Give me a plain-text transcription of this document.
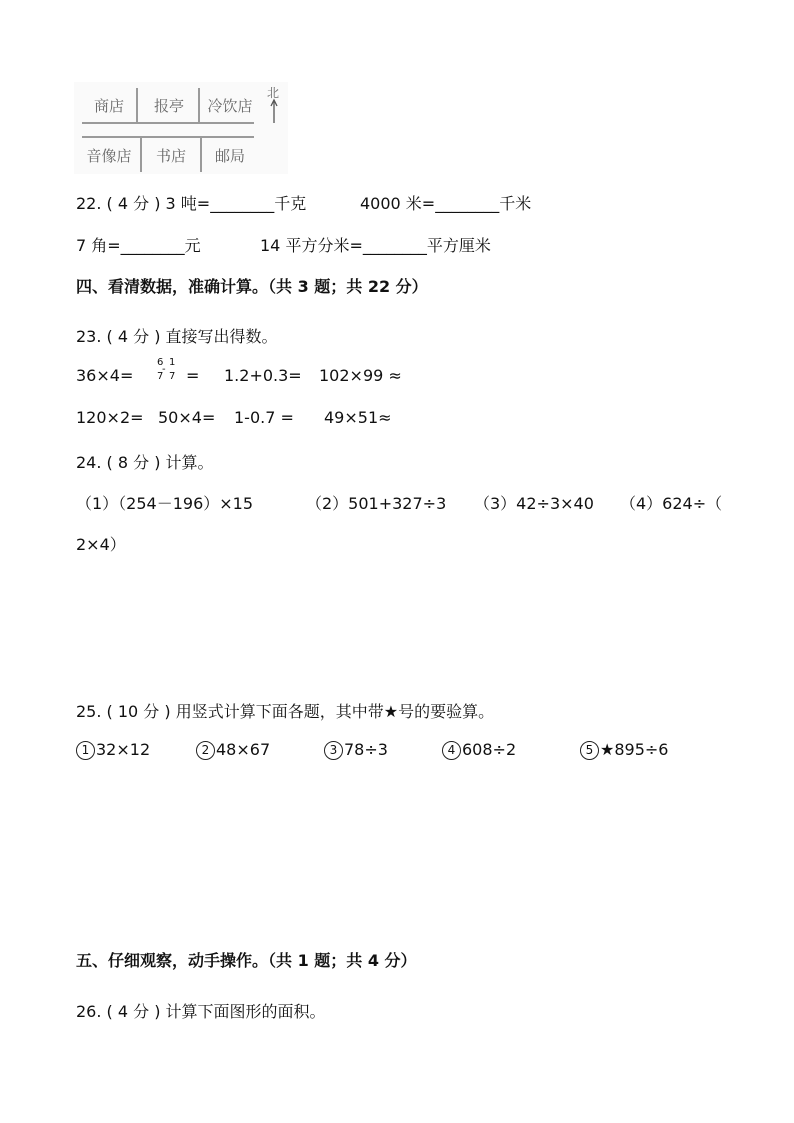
商店	报亭	冷饮店
音像店	书店	邮局
北
22. ( 4 分 ) 3 吨=________千克	4000 米=________千米
7 角=________元	14 平方分米=________平方厘米
四、看清数据，准确计算。（共 3 题；共 22 分）
23. ( 4 分 ) 直接写出得数。
36×4=
6
7
-
1
7 = 1.2+0.3= 102×99 ≈
120×2= 50×4= 1-0.7 = 49×51≈
24. ( 8 分 ) 计算。
（1）（254－196）×15	（2）501+327÷3 （3）42÷3×40 （4）624÷（
2×4）
25. ( 10 分 ) 用竖式计算下面各题，其中带★号的要验算。
1 32×12	2 48×67	3 78÷3	4 608÷2	5 ★895÷6
五、仔细观察，动手操作。（共 1 题；共 4 分）
26. ( 4 分 ) 计算下面图形的面积。
